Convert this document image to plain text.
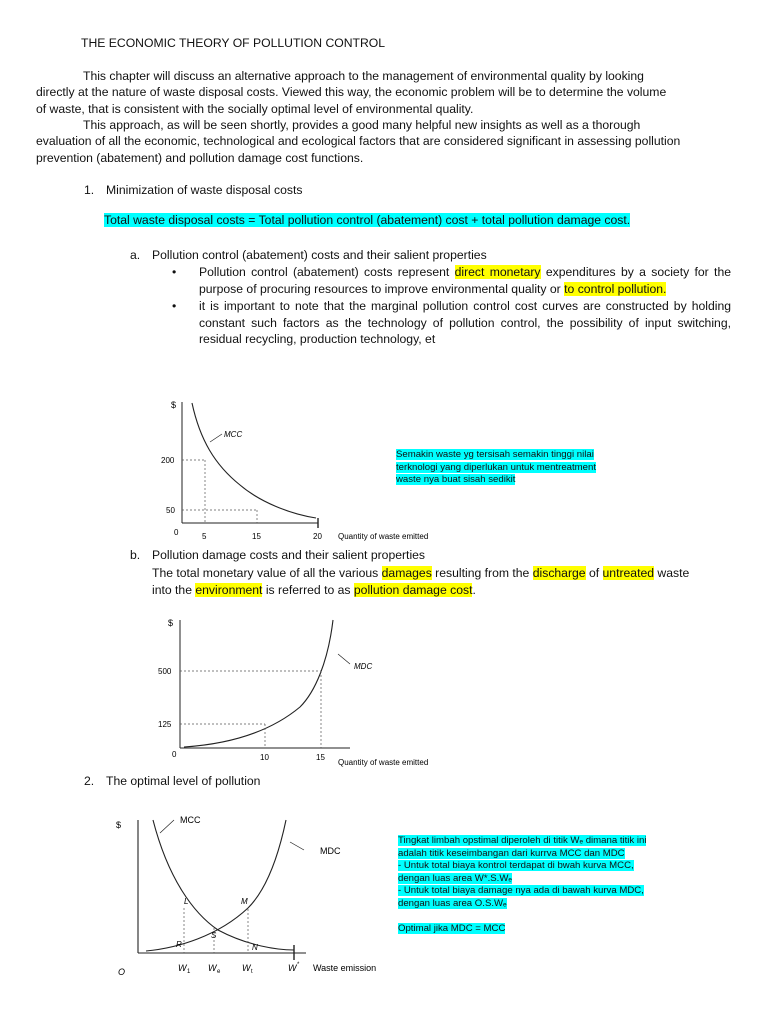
THE ECONOMIC THEORY OF POLLUTION CONTROL

This chapter will discuss an alternative approach to the management of environmental quality by looking

directly at the nature of waste disposal costs. Viewed this way, the economic problem will be to determine the volume

of waste, that is consistent with the socially optimal level of environmental quality.

This approach, as will be seen shortly, provides a good many helpful new insights as well as a thorough

evaluation of all the economic, technological and ecological factors that are considered significant in assessing pollution

prevention (abatement) and pollution damage cost functions.

1. Minimization of waste disposal costs
Total waste disposal costs = Total pollution control (abatement) cost + total pollution damage cost.
a. Pollution control (abatement) costs and their salient properties
•	Pollution control (abatement) costs represent direct monetary expenditures by a society for the purpose of procuring resources to improve environmental quality or to control pollution.
•	it is important to note that the marginal pollution control cost curves are constructed by holding constant such factors as the technology of pollution control, the possibility of input switching, residual recycling, production technology, et
$
MCC
200
50
0	5	15	20 Quantity of waste emitted
Semakin waste yg tersisah semakin tinggi nilai
terknologi yang diperlukan untuk mentreatment
waste nya buat sisah sedikit
b. Pollution damage costs and their salient properties
The total monetary value of all the various damages resulting from the discharge of untreated waste
into the environment is referred to as pollution damage cost.
$
MDC
500
125
0	10	15
Quantity of waste emitted
2. The optimal level of pollution
$	MCC
MDC
L	M
R
S
N
O	W 1 W e W t	W * Waste emission
Tingkat limbah opstimal diperoleh di titik Wₑ dimana titik ini
adalah titik keseimbangan dari kurrva MCC dan MDC
- Untuk total biaya kontrol terdapat di bwah kurva MCC,
dengan luas area W*.S.Wₑ
- Untuk total biaya damage nya ada di bawah kurva MDC,
dengan luas area O.S.Wₑ
Optimal jika MDC = MCC
